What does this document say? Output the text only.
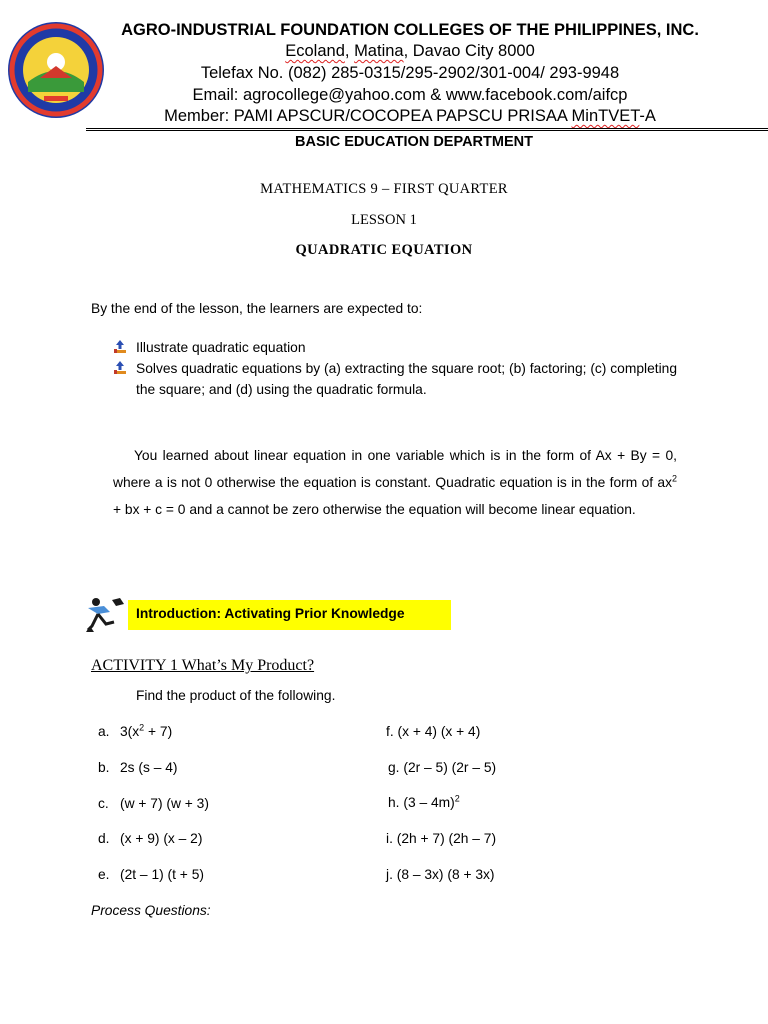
AGRO-INDUSTRIAL FOUNDATION COLLEGES OF THE PHILIPPINES, INC.
Ecoland, Matina, Davao City 8000
Telefax No. (082) 285-0315/295-2902/301-004/ 293-9948
Email: agrocollege@yahoo.com & www.facebook.com/aifcp
Member: PAMI APSCUR/COCOPEA PAPSCU PRISAA MinTVET-A
BASIC EDUCATION DEPARTMENT
MATHEMATICS 9 – FIRST QUARTER
LESSON 1
QUADRATIC EQUATION
By the end of the lesson, the learners are expected to:
Illustrate quadratic equation
Solves quadratic equations by (a) extracting the square root; (b) factoring; (c) completing the square; and (d) using the quadratic formula.
You learned about linear equation in one variable which is in the form of Ax + By = 0, where a is not 0 otherwise the equation is constant. Quadratic equation is in the form of $ax^2$ + bx + c = 0 and a cannot be zero otherwise the equation will become linear equation.
Introduction: Activating Prior Knowledge
ACTIVITY 1 What’s My Product?
Find the product of the following.
a. $3(x^2 + 7)$
b. 2s (s – 4)
c. (w + 7) (w + 3)
d. (x + 9) (x – 2)
e. (2t – 1) (t + 5)
f. (x + 4) (x + 4)
g. (2r – 5) (2r – 5)
h. (3 – 4m)$^2$
i. (2h + 7) (2h – 7)
j. (8 – 3x) (8 + 3x)
Process Questions:
